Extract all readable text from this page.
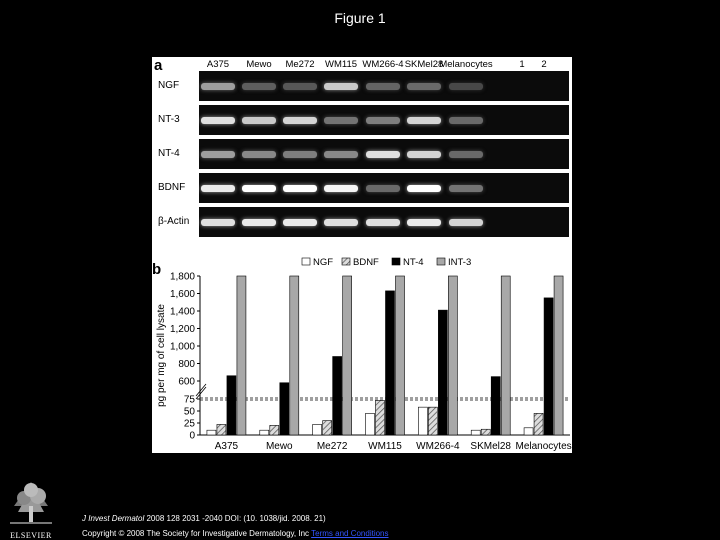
Figure 1
a	A375 Mewo Me272 WM115 WM266-4 SKMel28
Melanocytes	1 2
NGF
NT-3
NT-4
BDNF
β-Actin
b
0
25
50
75
600
800
1,000
1,200
1,400
1,600
1,800
pg per mg of cell lysate
A375	Mewo Me272 WM115 WM266-4 SKMel28 Melanocytes
NGF BDNF	NT-4	INT-3
ELSEVIER
J Invest Dermatol 2008 128 2031 -2040 DOI: (10. 1038/jid. 2008. 21)
Copyright © 2008 The Society for Investigative Dermatology, Inc Terms and Conditions
